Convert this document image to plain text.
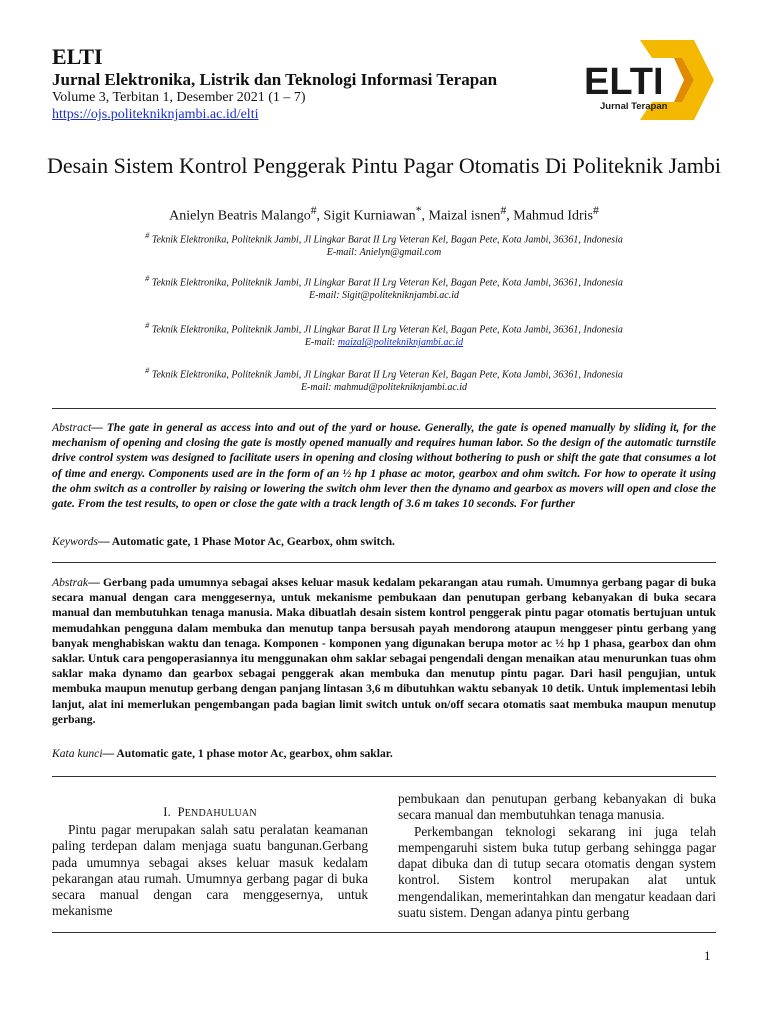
ELTI
Jurnal Elektronika, Listrik dan Teknologi Informasi Terapan
Volume 3, Terbitan 1, Desember 2021 (1 – 7)
https://ojs.politekniknjambi.ac.id/elti
ELTI
Jurnal Terapan
Desain Sistem Kontrol Penggerak Pintu Pagar Otomatis Di Politeknik Jambi
Anielyn Beatris Malango#, Sigit Kurniawan*, Maizal isnen#, Mahmud Idris#
# Teknik Elektronika, Politeknik Jambi, Jl Lingkar Barat II Lrg Veteran Kel, Bagan Pete, Kota Jambi, 36361, Indonesia
E-mail: Anielyn@gmail.com
# Teknik Elektronika, Politeknik Jambi, Jl Lingkar Barat II Lrg Veteran Kel, Bagan Pete, Kota Jambi, 36361, Indonesia
E-mail: Sigit@politekniknjambi.ac.id
# Teknik Elektronika, Politeknik Jambi, Jl Lingkar Barat II Lrg Veteran Kel, Bagan Pete, Kota Jambi, 36361, Indonesia
E-mail: maizal@politekniknjambi.ac.id
# Teknik Elektronika, Politeknik Jambi, Jl Lingkar Barat II Lrg Veteran Kel, Bagan Pete, Kota Jambi, 36361, Indonesia
E-mail: mahmud@politekniknjambi.ac.id
Abstract— The gate in general as access into and out of the yard or house. Generally, the gate is opened manually by sliding it, for the mechanism of opening and closing the gate is mostly opened manually and requires human labor. So the design of the automatic turnstile drive control system was designed to facilitate users in opening and closing without bothering to push or shift the gate that consumes a lot of time and energy. Components used are in the form of an ½ hp 1 phase ac motor, gearbox and ohm switch. For how to operate it using the ohm switch as a controller by raising or lowering the switch ohm lever then the dynamo and gearbox as movers will open and close the gate. From the test results, to open or close the gate with a track length of 3.6 m takes 10 seconds. For further
Keywords— Automatic gate, 1 Phase Motor Ac, Gearbox, ohm switch.
Abstrak— Gerbang pada umumnya sebagai akses keluar masuk kedalam pekarangan atau rumah. Umumnya gerbang pagar di buka secara manual dengan cara menggesernya, untuk mekanisme pembukaan dan penutupan gerbang kebanyakan di buka secara manual dan membutuhkan tenaga manusia. Maka dibuatlah desain sistem kontrol penggerak pintu pagar otomatis bertujuan untuk memudahkan pengguna dalam membuka dan menutup tanpa bersusah payah mendorong ataupun menggeser pintu gerbang yang banyak menghabiskan waktu dan tenaga. Komponen - komponen yang digunakan berupa motor ac ½ hp 1 phasa, gearbox dan ohm saklar. Untuk cara pengoperasiannya itu menggunakan ohm saklar sebagai pengendali dengan menaikan atau menurunkan tuas ohm saklar maka dynamo dan gearbox sebagai penggerak akan membuka dan menutup pintu pagar. Dari hasil pengujian, untuk membuka maupun menutup gerbang dengan panjang lintasan 3,6 m dibutuhkan waktu sebanyak 10 detik. Untuk implementasi lebih lanjut, alat ini memerlukan pengembangan pada bagian limit switch untuk on/off secara otomatis saat membuka maupun menutup gerbang.
Kata kunci— Automatic gate, 1 phase motor Ac, gearbox, ohm saklar.
I. PENDAHULUAN
Pintu pagar merupakan salah satu peralatan keamanan paling terdepan dalam menjaga suatu bangunan.Gerbang pada umumnya sebagai akses keluar masuk kedalam pekarangan atau rumah. Umumnya gerbang pagar di buka secara manual dengan cara menggesernya, untuk mekanisme

pembukaan dan penutupan gerbang kebanyakan di buka secara manual dan membutuhkan tenaga manusia.

Perkembangan teknologi sekarang ini juga telah mempengaruhi sistem buka tutup gerbang sehingga pagar dapat dibuka dan di tutup secara otomatis dengan system kontrol. Sistem kontrol merupakan alat untuk mengendalikan, memerintahkan dan mengatur keadaan dari suatu sistem. Dengan adanya pintu gerbang

1
